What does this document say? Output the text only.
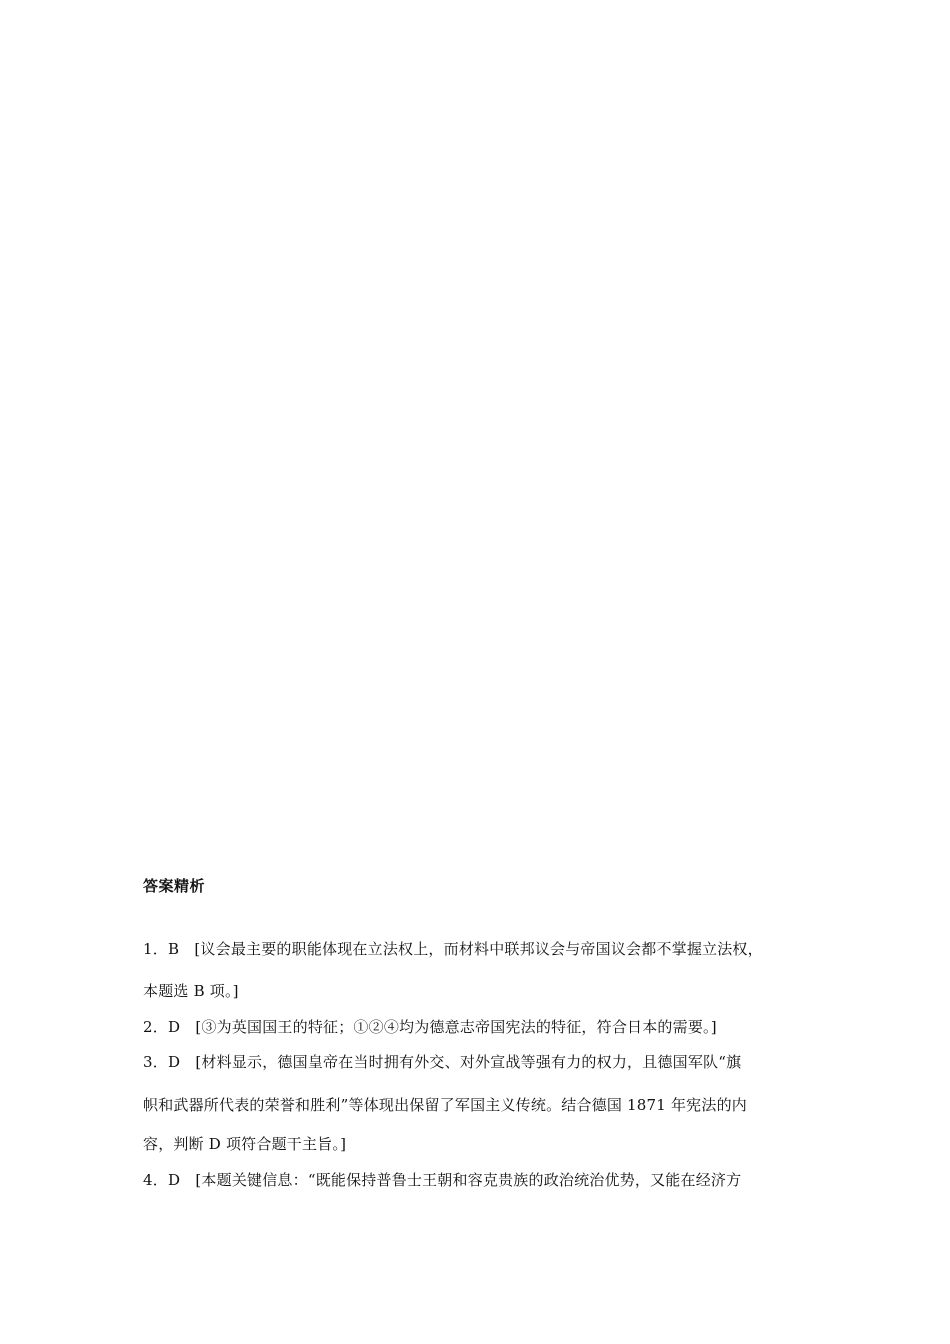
答案精析
1．B　[议会最主要的职能体现在立法权上，而材料中联邦议会与帝国议会都不掌握立法权，
本题选 B 项。]
2．D　[③为英国国王的特征；①②④均为德意志帝国宪法的特征，符合日本的需要。]
3．D　[材料显示，德国皇帝在当时拥有外交、对外宣战等强有力的权力，且德国军队“旗
帜和武器所代表的荣誉和胜利”等体现出保留了军国主义传统。结合德国 1871 年宪法的内
容，判断 D 项符合题干主旨。]
4．D　[本题关键信息：“既能保持普鲁士王朝和容克贵族的政治统治优势，又能在经济方
